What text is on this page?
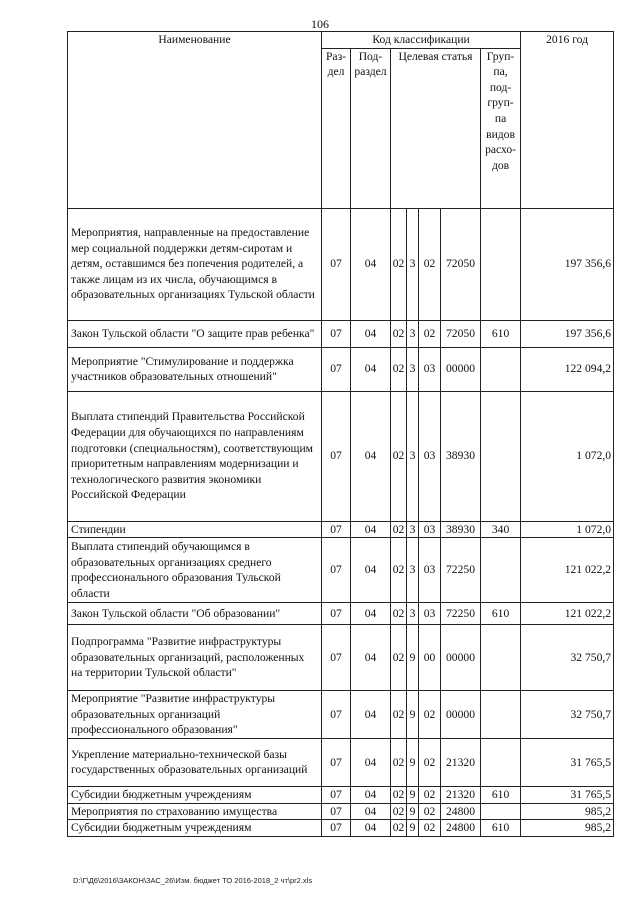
106
Наименование	Код классификации							2016 год
	Раз-дел	Под-раздел	Целевая статья				Груп-па, под-груп-па видов расхо-дов	
Мероприятия, направленные на предоставление мер социальной поддержки детям-сиротам и детям, оставшимся без попечения родителей, а также лицам из их числа, обучающимся в образовательных организациях Тульской области	07	04	02	3	02	72050		197 356,6
Закон Тульской области "О защите прав ребенка"	07	04	02	3	02	72050	610	197 356,6
Мероприятие "Стимулирование и поддержка участников образовательных отношений"	07	04	02	3	03	00000		122 094,2
Выплата стипендий Правительства Российской Федерации для обучающихся по направлениям подготовки (специальностям), соответствующим приоритетным направлениям модернизации и технологического развития экономики Российской Федерации	07	04	02	3	03	38930		1 072,0
Стипендии	07	04	02	3	03	38930	340	1 072,0
Выплата стипендий обучающимся в образовательных организациях среднего профессионального образования Тульской области	07	04	02	3	03	72250		121 022,2
Закон Тульской области "Об образовании"	07	04	02	3	03	72250	610	121 022,2
Подпрограмма "Развитие инфраструктуры образовательных организаций, расположенных на территории Тульской области"	07	04	02	9	00	00000		32 750,7
Мероприятие "Развитие инфраструктуры образовательных организаций профессионального образования"	07	04	02	9	02	00000		32 750,7
Укрепление материально-технической базы государственных образовательных организаций	07	04	02	9	02	21320		31 765,5
Субсидии бюджетным учреждениям	07	04	02	9	02	21320	610	31 765,5
Мероприятия по страхованию имущества	07	04	02	9	02	24800		985,2
Субсидии бюджетным учреждениям	07	04	02	9	02	24800	610	985,2
D:\Г\Д6\2016\ЗАКОН\ЗАС_26\Изм. бюджет ТО 2016-2018_2 чт\pr2.xls
